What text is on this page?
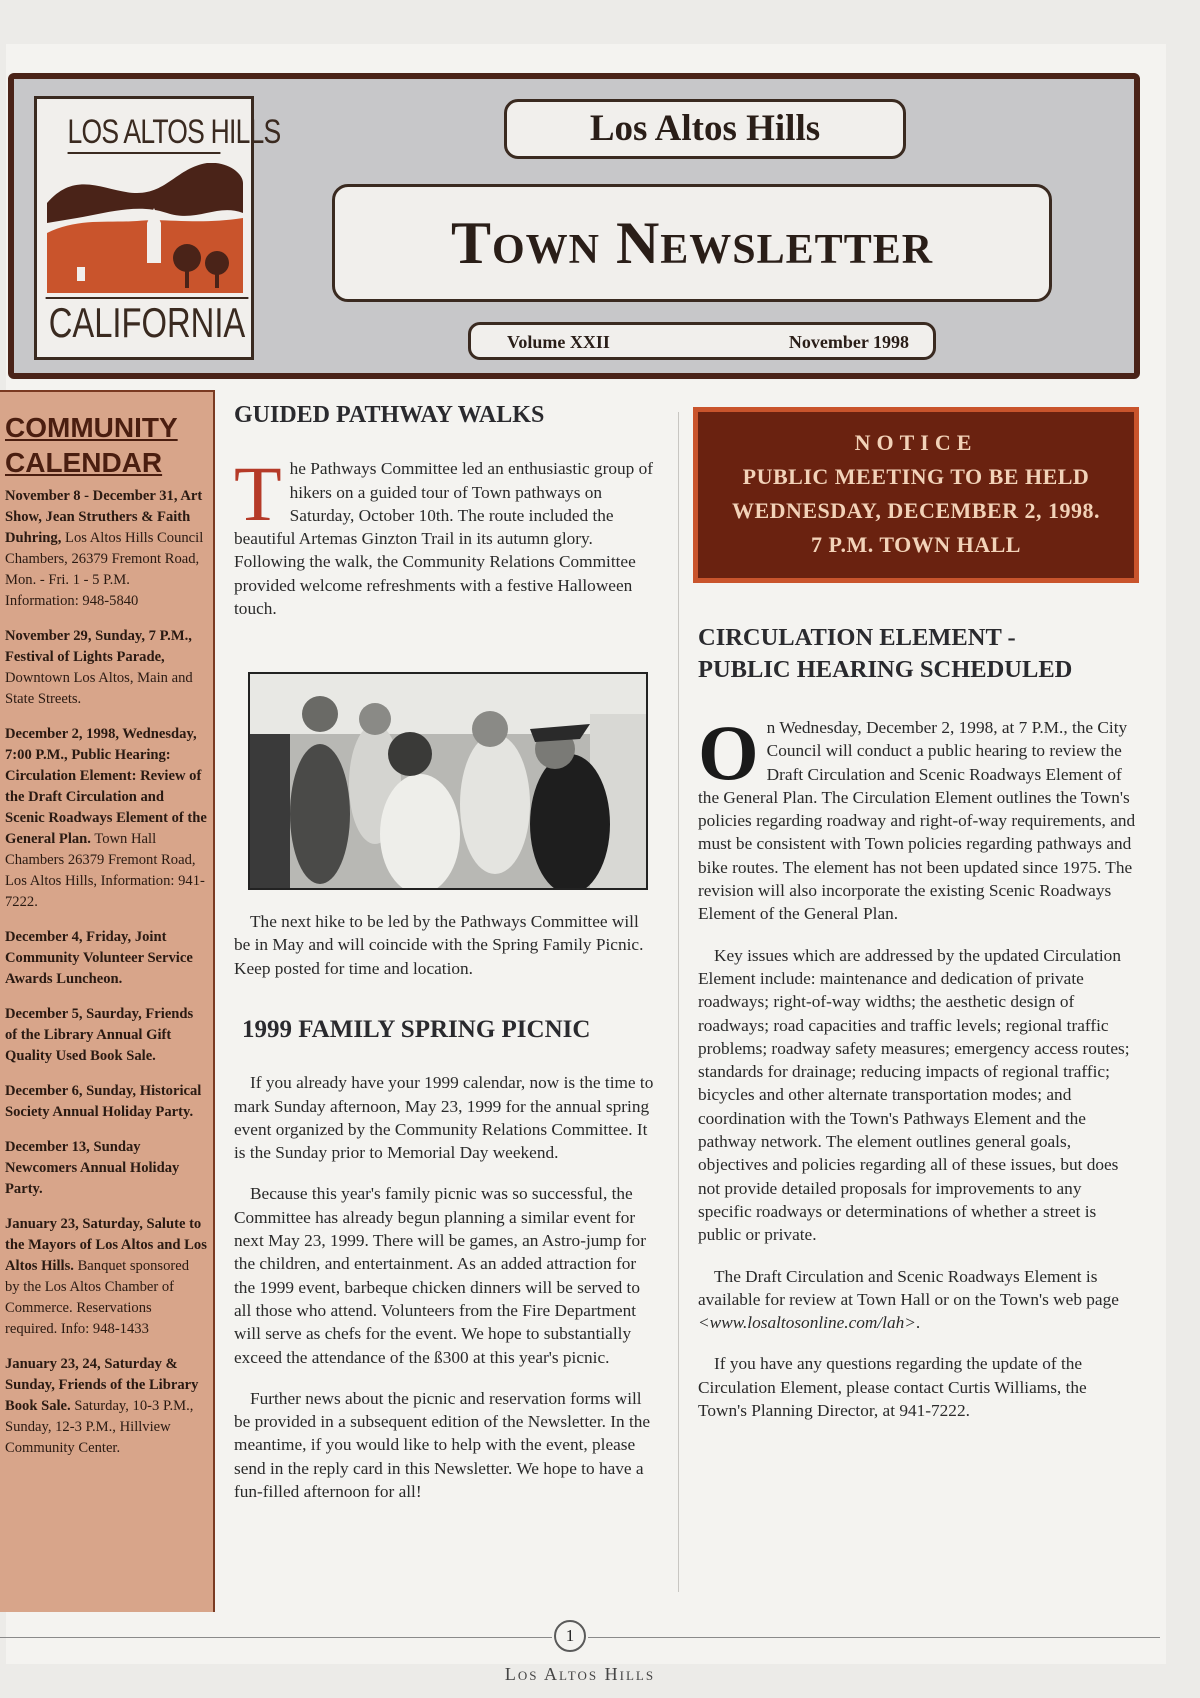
LOS ALTOS HILLS
CALIFORNIA
Los Altos Hills
Town Newsletter
Volume XXII	November 1998
COMMUNITY
CALENDAR
November 8 - December 31, Art Show, Jean Struthers & Faith Duhring, Los Altos Hills Council Chambers, 26379 Fremont Road, Mon. - Fri. 1 - 5 P.M. Information: 948-5840
November 29, Sunday, 7 P.M., Festival of Lights Parade, Downtown Los Altos, Main and State Streets.
December 2, 1998, Wednesday, 7:00 P.M., Public Hearing: Circulation Element: Review of the Draft Circulation and Scenic Roadways Element of the General Plan. Town Hall Chambers 26379 Fremont Road, Los Altos Hills, Information: 941-7222.
December 4, Friday, Joint Community Volunteer Service Awards Luncheon.
December 5, Saurday, Friends of the Library Annual Gift Quality Used Book Sale.
December 6, Sunday, Historical Society Annual Holiday Party.
December 13, Sunday Newcomers Annual Holiday Party.
January 23, Saturday, Salute to the Mayors of Los Altos and Los Altos Hills. Banquet sponsored by the Los Altos Chamber of Commerce. Reservations required. Info: 948-1433
January 23, 24, Saturday & Sunday, Friends of the Library Book Sale. Saturday, 10-3 P.M., Sunday, 12-3 P.M., Hillview Community Center.
GUIDED PATHWAY WALKS

The Pathways Committee led an enthusiastic group of hikers on a guided tour of Town pathways on Saturday, October 10th. The route included the beautiful Artemas Ginzton Trail in its autumn glory. Following the walk, the Community Relations Committee provided welcome refreshments with a festive Halloween touch.

The next hike to be led by the Pathways Committee will be in May and will coincide with the Spring Family Picnic. Keep posted for time and location.

1999 FAMILY SPRING PICNIC

If you already have your 1999 calendar, now is the time to mark Sunday afternoon, May 23, 1999 for the annual spring event organized by the Community Relations Committee. It is the Sunday prior to Memorial Day weekend.

Because this year's family picnic was so successful, the Committee has already begun planning a similar event for next May 23, 1999. There will be games, an Astro-jump for the children, and entertainment. As an added attraction for the 1999 event, barbeque chicken dinners will be served to all those who attend. Volunteers from the Fire Department will serve as chefs for the event. We hope to substantially exceed the attendance of the ß300 at this year's picnic.

Further news about the picnic and reservation forms will be provided in a subsequent edition of the Newsletter. In the meantime, if you would like to help with the event, please send in the reply card in this Newsletter. We hope to have a fun-filled afternoon for all!

NOTICE
PUBLIC MEETING TO BE HELD
WEDNESDAY, DECEMBER 2, 1998.
7 P.M. TOWN HALL
CIRCULATION ELEMENT -
PUBLIC HEARING SCHEDULED

On Wednesday, December 2, 1998, at 7 P.M., the City Council will conduct a public hearing to review the Draft Circulation and Scenic Roadways Element of the General Plan. The Circulation Element outlines the Town's policies regarding roadway and right-of-way requirements, and must be consistent with Town policies regarding pathways and bike routes. The element has not been updated since 1975. The revision will also incorporate the existing Scenic Roadways Element of the General Plan.

Key issues which are addressed by the updated Circulation Element include: maintenance and dedication of private roadways; right-of-way widths; the aesthetic design of roadways; road capacities and traffic levels; regional traffic problems; roadway safety measures; emergency access routes; standards for drainage; reducing impacts of regional traffic; bicycles and other alternate transportation modes; and coordination with the Town's Pathways Element and the pathway network. The element outlines general goals, objectives and policies regarding all of these issues, but does not provide detailed proposals for improvements to any specific roadways or determinations of whether a street is public or private.

The Draft Circulation and Scenic Roadways Element is available for review at Town Hall or on the Town's web page <www.losaltosonline.com/lah>.

If you have any questions regarding the update of the Circulation Element, please contact Curtis Williams, the Town's Planning Director, at 941-7222.

1
Los Altos Hills
